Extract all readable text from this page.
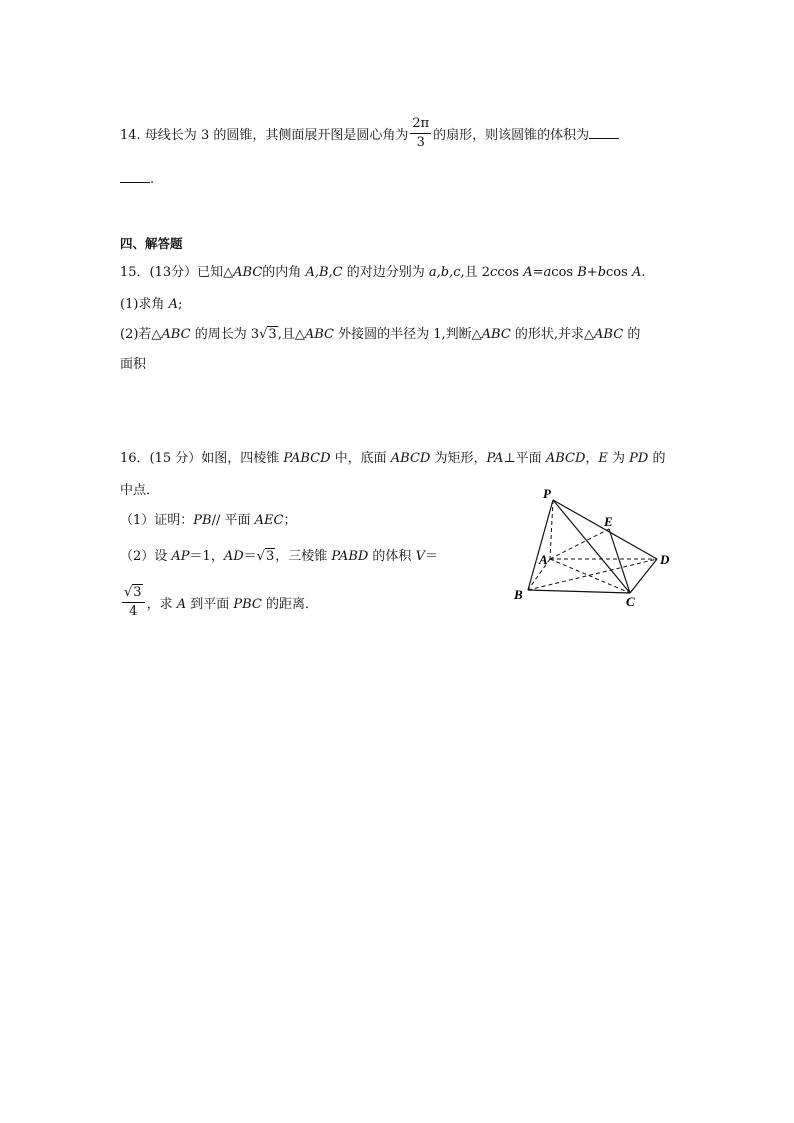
14. 母线长为 3 的圆锥，其侧面展开图是圆心角为 $\frac{2\pi}{3}$ 的扇形，则该圆锥的体积为
.
四、解答题
15．(13分）已知△ABC的内角 A,B,C 的对边分别为 a,b,c,且 2ccos A=acos B+bcos A.
(1)求角 A;
(2)若△ABC 的周长为 3√3,且△ABC 外接圆的半径为 1,判断△ABC 的形状,并求△ABC 的
面积
16．(15 分）如图，四棱锥 PABCD 中，底面 ABCD 为矩形，PA⊥平面 ABCD，E 为 PD 的
中点．
（1）证明：PB// 平面 AEC；
（2）设 AP＝1，AD＝√3，三棱锥 PABD 的体积 V＝
$\frac{√3}{4}$ ，求 A 到平面 PBC 的距离．
P
E
A	D
B	C
